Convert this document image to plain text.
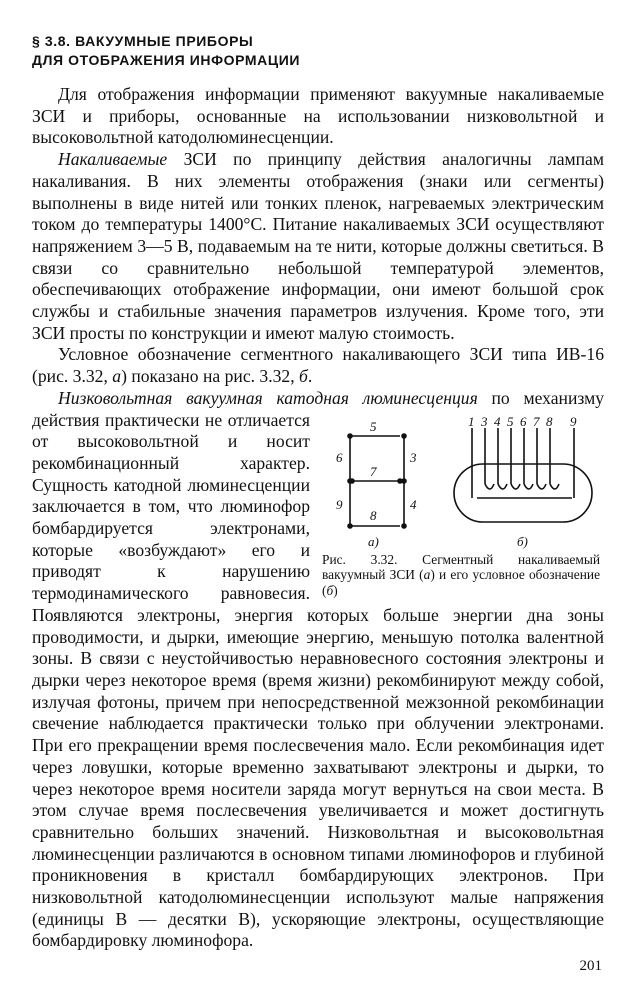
§ 3.8. ВАКУУМНЫЕ ПРИБОРЫ
ДЛЯ ОТОБРАЖЕНИЯ ИНФОРМАЦИИ

Для отображения информации применяют вакуумные накаливаемые ЗСИ и приборы, основанные на использовании низковольтной и высоковольтной катодолюминесценции.

Накаливаемые ЗСИ по принципу действия аналогичны лампам накаливания. В них элементы отображения (знаки или сегменты) выполнены в виде нитей или тонких пленок, нагреваемых электрическим током до температуры 1400°С. Питание накаливаемых ЗСИ осуществляют напряжением 3—5 В, подаваемым на те нити, которые должны светиться. В связи со сравнительно небольшой температурой элементов, обеспечивающих отображение информации, они имеют большой срок службы и стабильные значения параметров излучения. Кроме того, эти ЗСИ просты по конструкции и имеют малую стоимость.

Условное обозначение сегментного накаливающего ЗСИ типа ИВ-16 (рис. 3.32, а) показано на рис. 3.32, б.

Низковольтная вакуумная катодная люминесценция
5
6	3
7
9
8
4
1 3 4 5 6 7 8 9
а)	б)
Рис. 3.32. Сегментный накаливаемый вакуумный ЗСИ (а) и его условное обозначение (б)
по механизму действия практически не отличается от высоковольтной и носит рекомбинационный характер. Сущность катодной люминесценции заключается в том, что люминофор бомбардируется электронами, которые «возбуждают» его и приводят к нарушению термодинамического равновесия. Появляются электроны, энергия которых больше энергии дна зоны проводимости, и дырки, имеющие энергию, меньшую потолка валентной зоны. В связи с неустойчивостью неравновесного состояния электроны и дырки через некоторое время (время жизни) рекомбинируют между собой, излучая фотоны, причем при непосредственной межзонной рекомбинации свечение наблюдается практически только при облучении электронами. При его прекращении время послесвечения мало. Если рекомбинация идет через ловушки, которые временно захватывают электроны и дырки, то через некоторое время носители заряда могут вернуться на свои места. В этом случае время послесвечения увеличивается и может достигнуть сравнительно больших значений. Низковольтная и высоковольтная люминесценции различаются в основном типами люминофоров и глубиной проникновения в кристалл бомбардирующих электронов. При низковольтной катодолюминесценции используют малые напряжения (единицы В — десятки В), ускоряющие электроны, осуществляющие бомбардировку люминофора.

201
